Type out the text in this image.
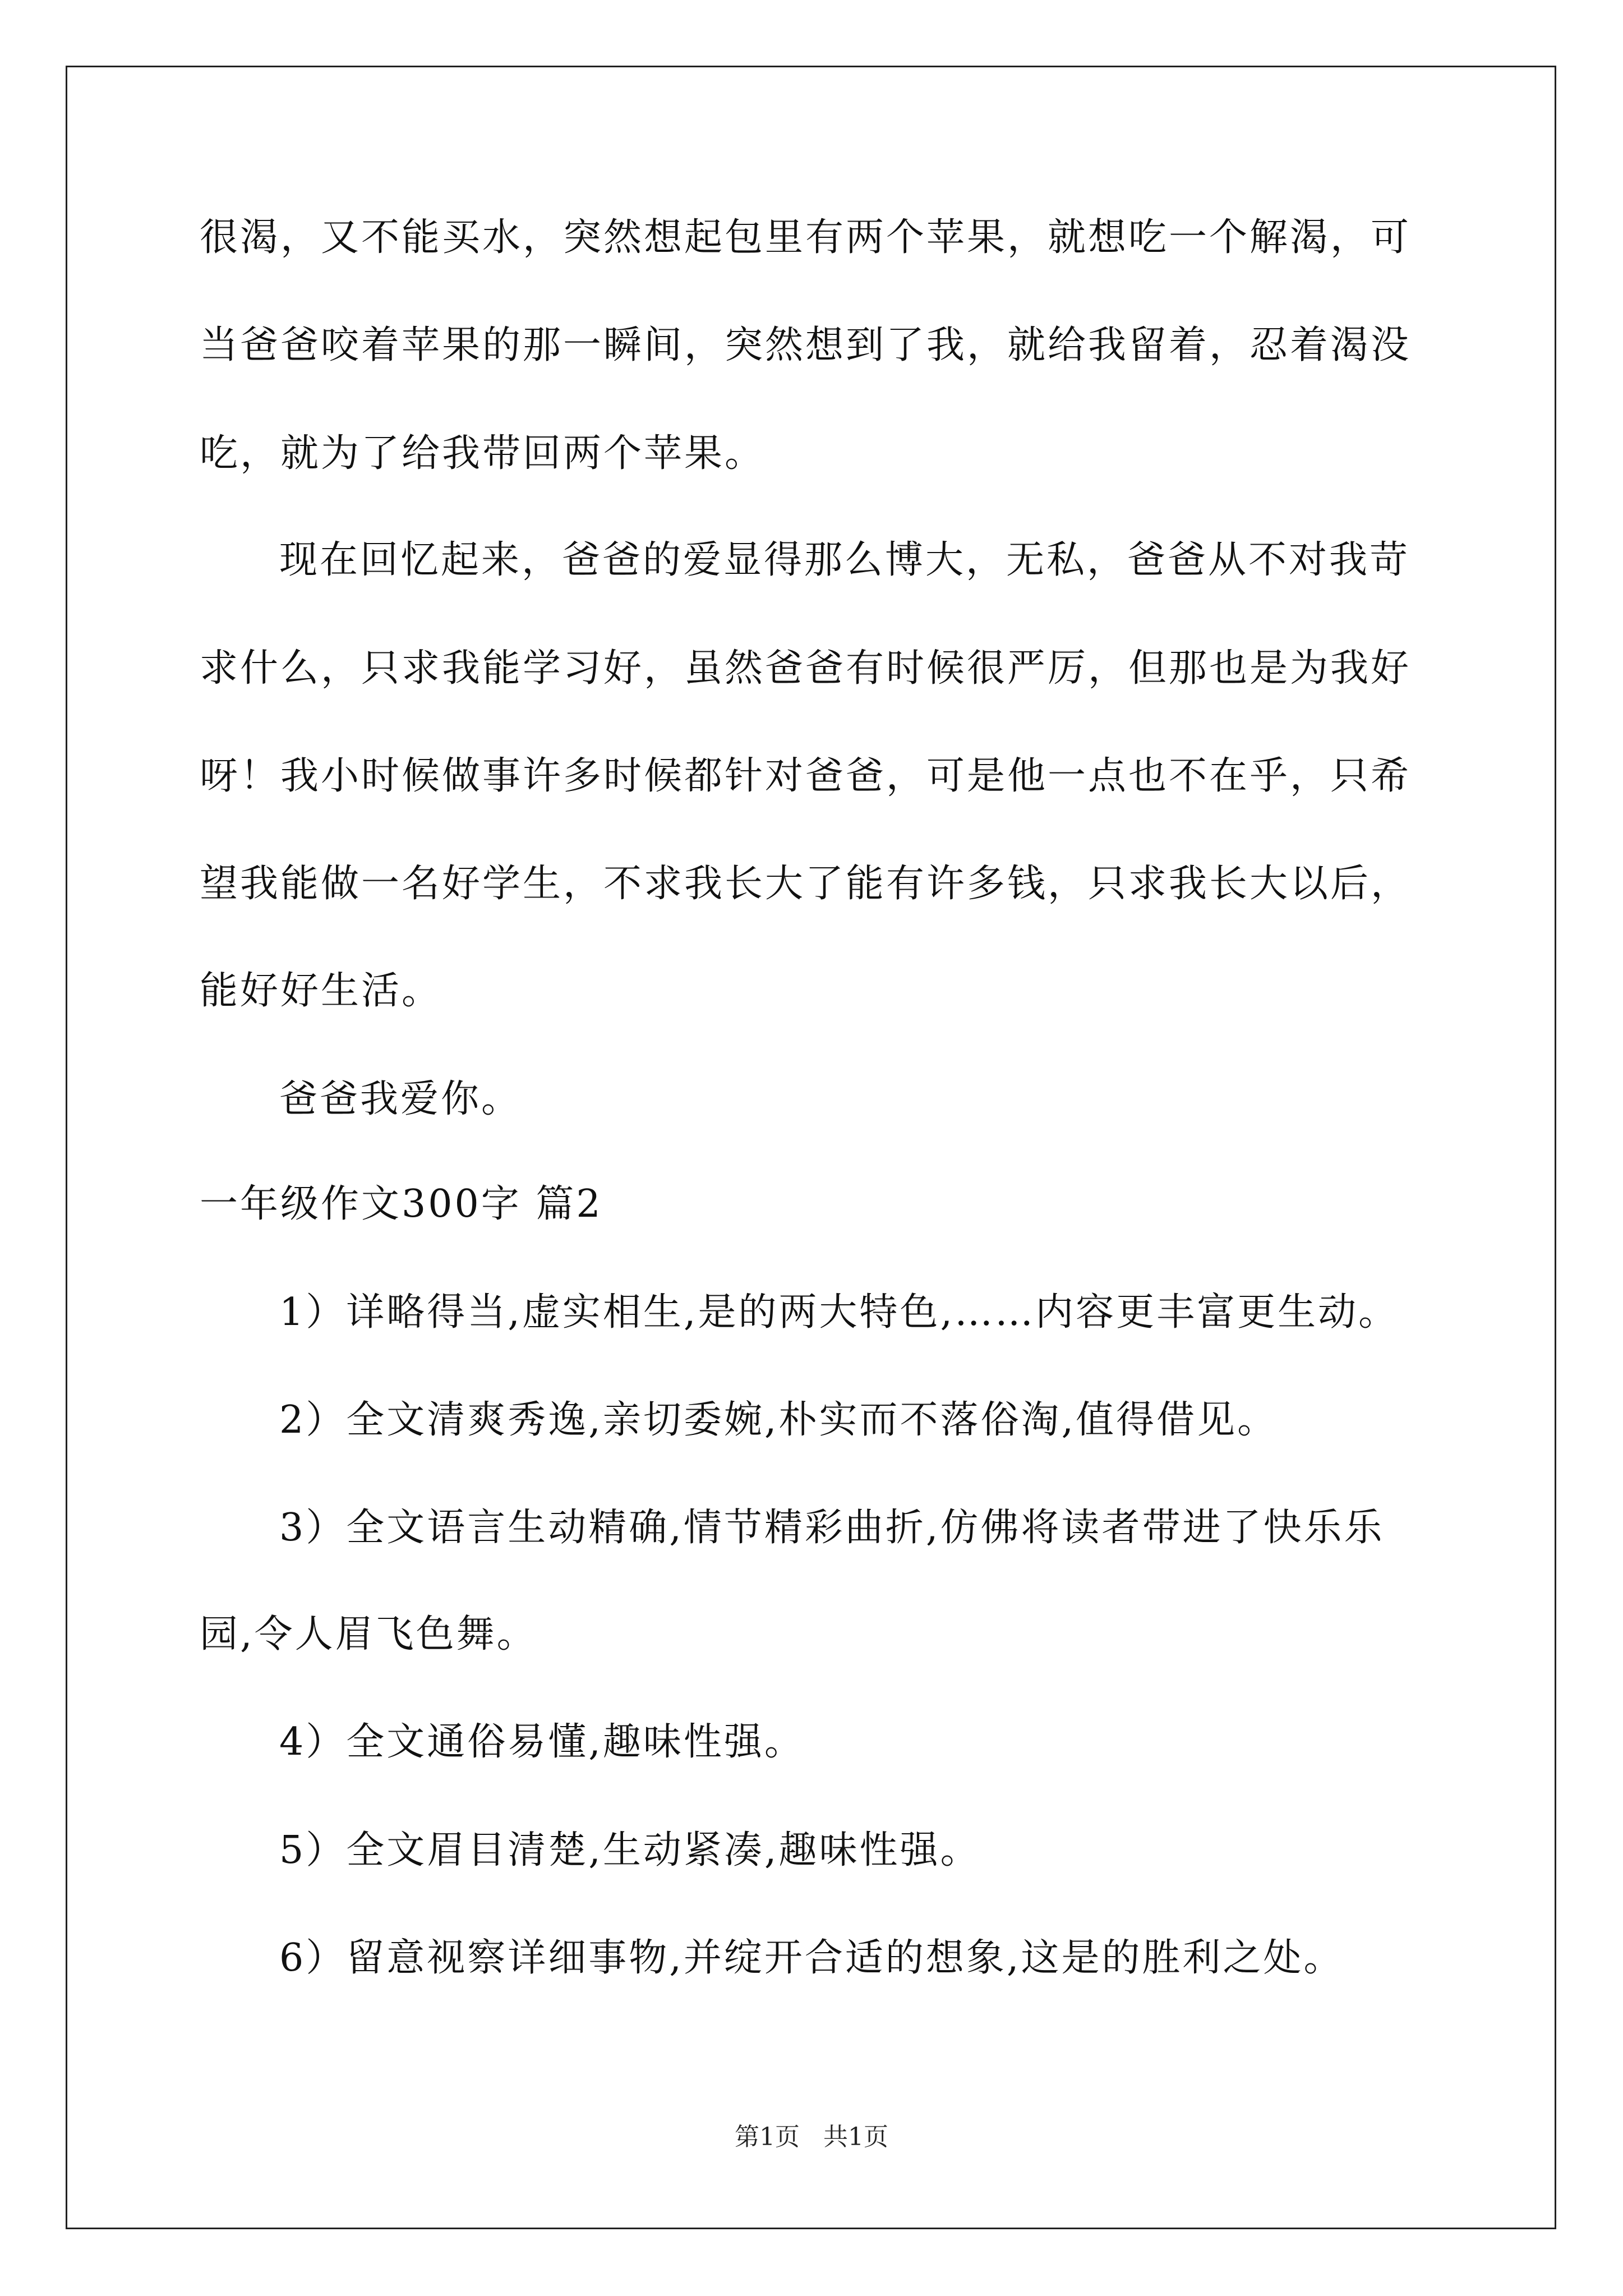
很渴，又不能买水，突然想起包里有两个苹果，就想吃一个解渴，可
当爸爸咬着苹果的那一瞬间，突然想到了我，就给我留着，忍着渴没
吃，就为了给我带回两个苹果。
现在回忆起来，爸爸的爱显得那么博大，无私，爸爸从不对我苛
求什么，只求我能学习好，虽然爸爸有时候很严厉，但那也是为我好
呀！我小时候做事许多时候都针对爸爸，可是他一点也不在乎，只希
望我能做一名好学生，不求我长大了能有许多钱，只求我长大以后，
能好好生活。
爸爸我爱你。
一年级作文300字 篇2
1）详略得当,虚实相生,是的两大特色,……内容更丰富更生动。
2）全文清爽秀逸,亲切委婉,朴实而不落俗淘,值得借见。
3）全文语言生动精确,情节精彩曲折,仿佛将读者带进了快乐乐
园,令人眉飞色舞。
4）全文通俗易懂,趣味性强。
5）全文眉目清楚,生动紧凑,趣味性强。
6）留意视察详细事物,并绽开合适的想象,这是的胜利之处。
第1页 共1页
